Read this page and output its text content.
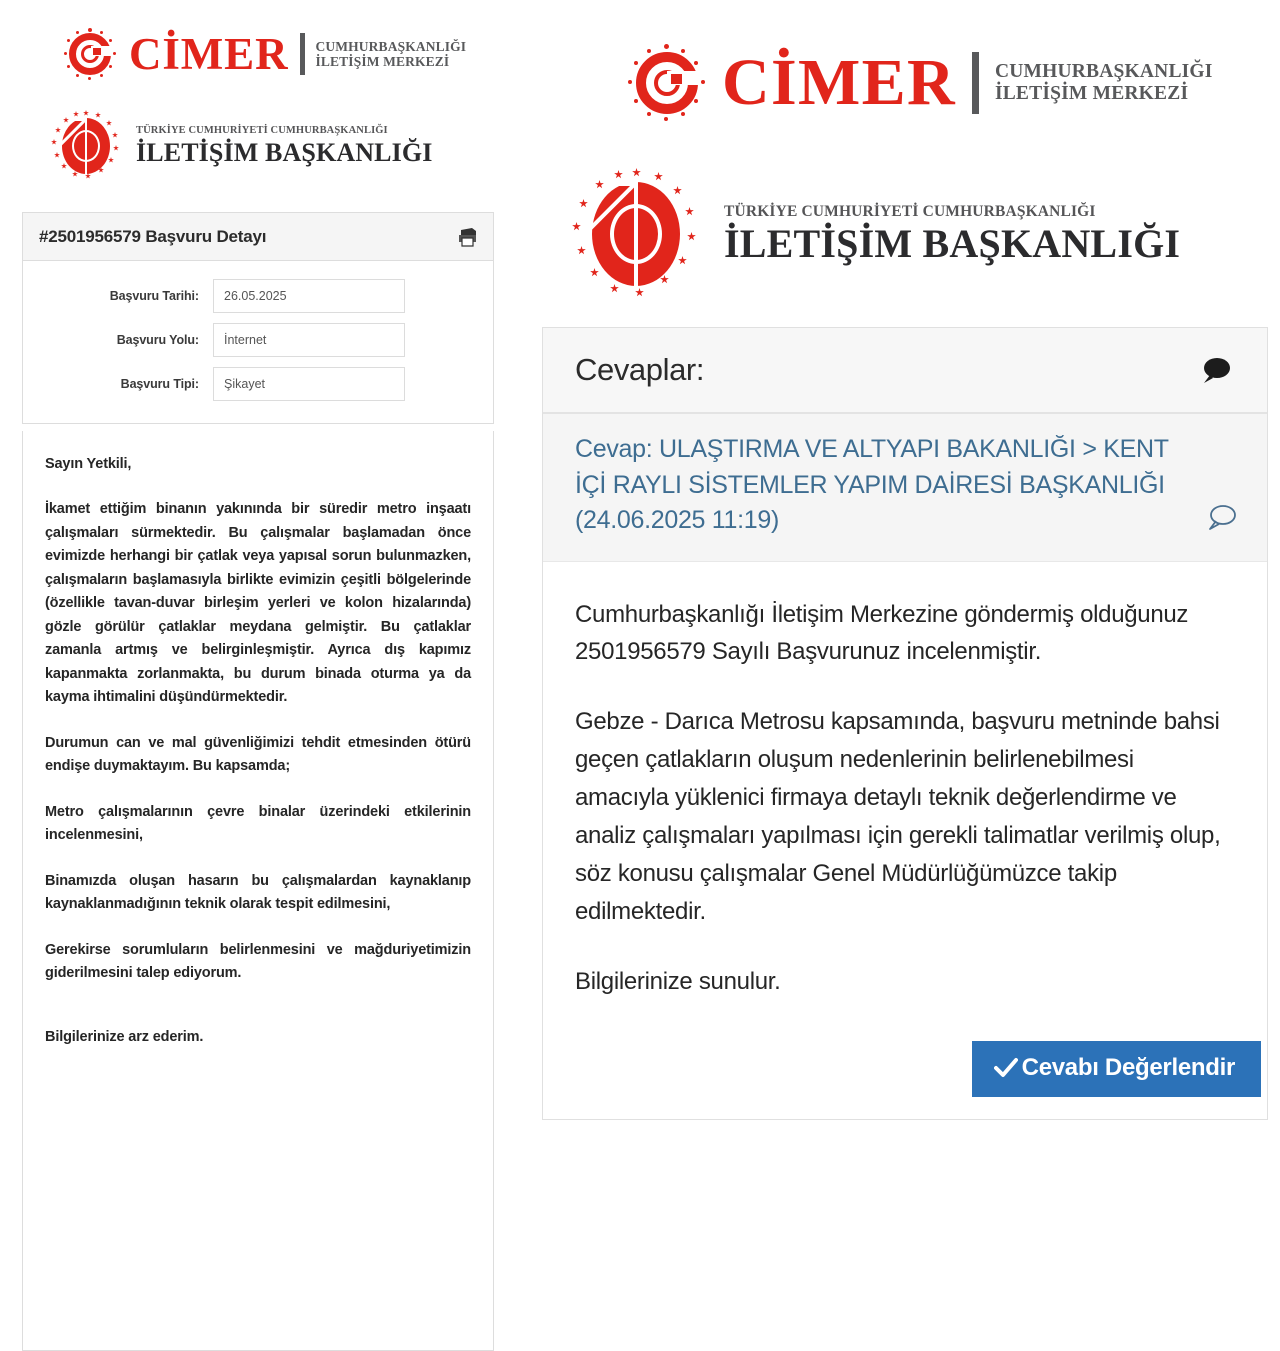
CİMER CUMHURBAŞKANLIĞI
İLETİŞİM MERKEZİ
TÜRKİYE CUMHURİYETİ CUMHURBAŞKANLIĞI
İLETİŞİM BAŞKANLIĞI
#2501956579 Başvuru Detayı
Başvuru Tarihi:	26.05.2025
Başvuru Yolu:	İnternet
Başvuru Tipi:	Şikayet

Sayın Yetkili,

İkamet ettiğim binanın yakınında bir süredir metro inşaatı çalışmaları sürmektedir. Bu çalışmalar başlamadan önce evimizde herhangi bir çatlak veya yapısal sorun bulunmazken, çalışmaların başlamasıyla birlikte evimizin çeşitli bölgelerinde (özellikle tavan-duvar birleşim yerleri ve kolon hizalarında) gözle görülür çatlaklar meydana gelmiştir. Bu çatlaklar zamanla artmış ve belirginleşmiştir. Ayrıca dış kapımız kapanmakta zorlanmakta, bu durum binada oturma ya da kayma ihtimalini düşündürmektedir.

Durumun can ve mal güvenliğimizi tehdit etmesinden ötürü endişe duymaktayım. Bu kapsamda;

Metro çalışmalarının çevre binalar üzerindeki etkilerinin incelenmesini,

Binamızda oluşan hasarın bu çalışmalardan kaynaklanıp kaynaklanmadığının teknik olarak tespit edilmesini,

Gerekirse sorumluların belirlenmesini ve mağduriyetimizin giderilmesini talep ediyorum.

Bilgilerinize arz ederim.

CİMER CUMHURBAŞKANLIĞI
İLETİŞİM MERKEZİ
TÜRKİYE CUMHURİYETİ CUMHURBAŞKANLIĞI
İLETİŞİM BAŞKANLIĞI
Cevaplar:
Cevap: ULAŞTIRMA VE ALTYAPI BAKANLIĞI > KENT İÇİ RAYLI SİSTEMLER YAPIM DAİRESİ BAŞKANLIĞI (24.06.2025 11:19)

Cumhurbaşkanlığı İletişim Merkezine göndermiş olduğunuz 2501956579 Sayılı Başvurunuz incelenmiştir.

Gebze - Darıca Metrosu kapsamında, başvuru metninde bahsi geçen çatlakların oluşum nedenlerinin belirlenebilmesi amacıyla yüklenici firmaya detaylı teknik değerlendirme ve analiz çalışmaları yapılması için gerekli talimatlar verilmiş olup, söz konusu çalışmalar Genel Müdürlüğümüzce takip edilmektedir.

Bilgilerinize sunulur.

Cevabı Değerlendir
